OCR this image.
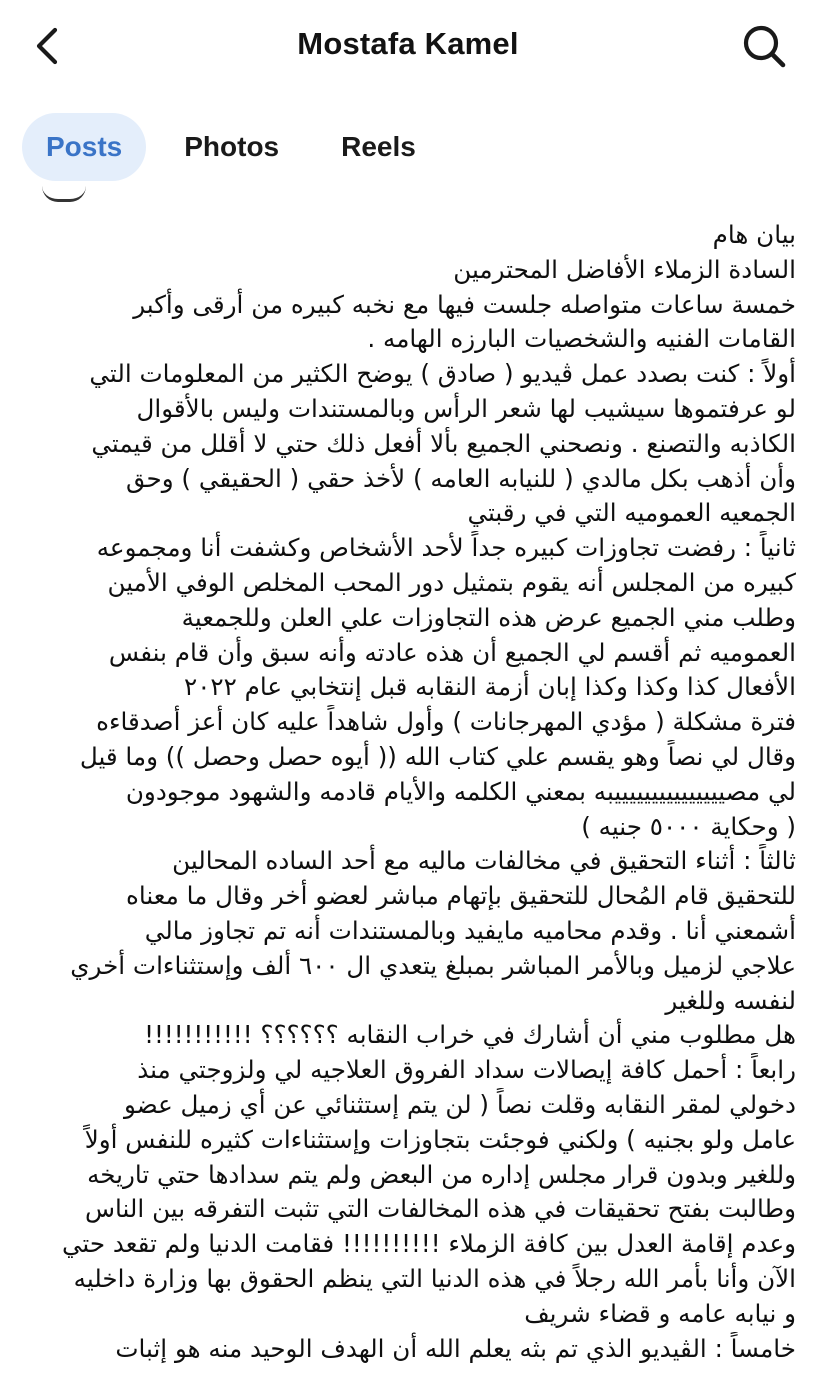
Mostafa Kamel
Posts	Photos	Reels
بيان هام
السادة الزملاء الأفاضل المحترمين
خمسة ساعات متواصله جلست فيها مع نخبه كبيره من أرقى وأكبر
القامات الفنيه والشخصيات البارزه الهامه .
أولاً : كنت بصدد عمل ڤيديو ( صادق ) يوضح الكثير من المعلومات التي
لو عرفتموها سيشيب لها شعر الرأس وبالمستندات وليس بالأقوال
الكاذبه والتصنع . ونصحني الجميع بألا أفعل ذلك حتي لا أقلل من قيمتي
وأن أذهب بكل مالدي ( للنيابه العامه ) لأخذ حقي ( الحقيقي ) وحق
الجمعيه العموميه التي في رقبتي
ثانياً : رفضت تجاوزات كبيره جداً لأحد الأشخاص وكشفت أنا ومجموعه
كبيره من المجلس أنه يقوم بتمثيل دور المحب المخلص الوفي الأمين
وطلب مني الجميع عرض هذه التجاوزات علي العلن وللجمعية
العموميه ثم أقسم لي الجميع أن هذه عادته وأنه سبق وأن قام بنفس
الأفعال كذا وكذا وكذا إبان أزمة النقابه قبل إنتخابي عام ٢٠٢٢
فترة مشكلة ( مؤدي المهرجانات ) وأول شاهداً عليه كان أعز أصدقاءه
وقال لي نصاً وهو يقسم علي كتاب الله (( أيوه حصل وحصل )) وما قيل
لي مصيييييييييييييييبه بمعني الكلمه والأيام قادمه والشهود موجودون
( وحكاية ٥٠٠٠ جنيه )
ثالثاً : أثناء التحقيق في مخالفات ماليه مع أحد الساده المحالين
للتحقيق قام المُحال للتحقيق بإتهام مباشر لعضو أخر وقال ما معناه
أشمعني أنا . وقدم محاميه مايفيد وبالمستندات أنه تم تجاوز مالي
علاجي لزميل وبالأمر المباشر بمبلغ يتعدي ال ٦٠٠ ألف وإستثناءات أخري
لنفسه وللغير
هل مطلوب مني أن أشارك في خراب النقابه ؟؟؟؟؟؟ !!!!!!!!!!!
رابعاً : أحمل كافة إيصالات سداد الفروق العلاجيه لي ولزوجتي منذ
دخولي لمقر النقابه وقلت نصاً ( لن يتم إستثنائي عن أي زميل عضو
عامل ولو بجنيه ) ولكني فوجئت بتجاوزات وإستثناءات كثيره للنفس أولاً
وللغير وبدون قرار مجلس إداره من البعض ولم يتم سدادها حتي تاريخه
وطالبت بفتح تحقيقات في هذه المخالفات التي تثبت التفرقه بين الناس
وعدم إقامة العدل بين كافة الزملاء !!!!!!!!!! فقامت الدنيا ولم تقعد حتي
الآن وأنا بأمر الله رجلاً في هذه الدنيا التي ينظم الحقوق بها وزارة داخليه
و نيابه عامه و قضاء شريف
خامساً : الڤيديو الذي تم بثه يعلم الله أن الهدف الوحيد منه هو إثبات
